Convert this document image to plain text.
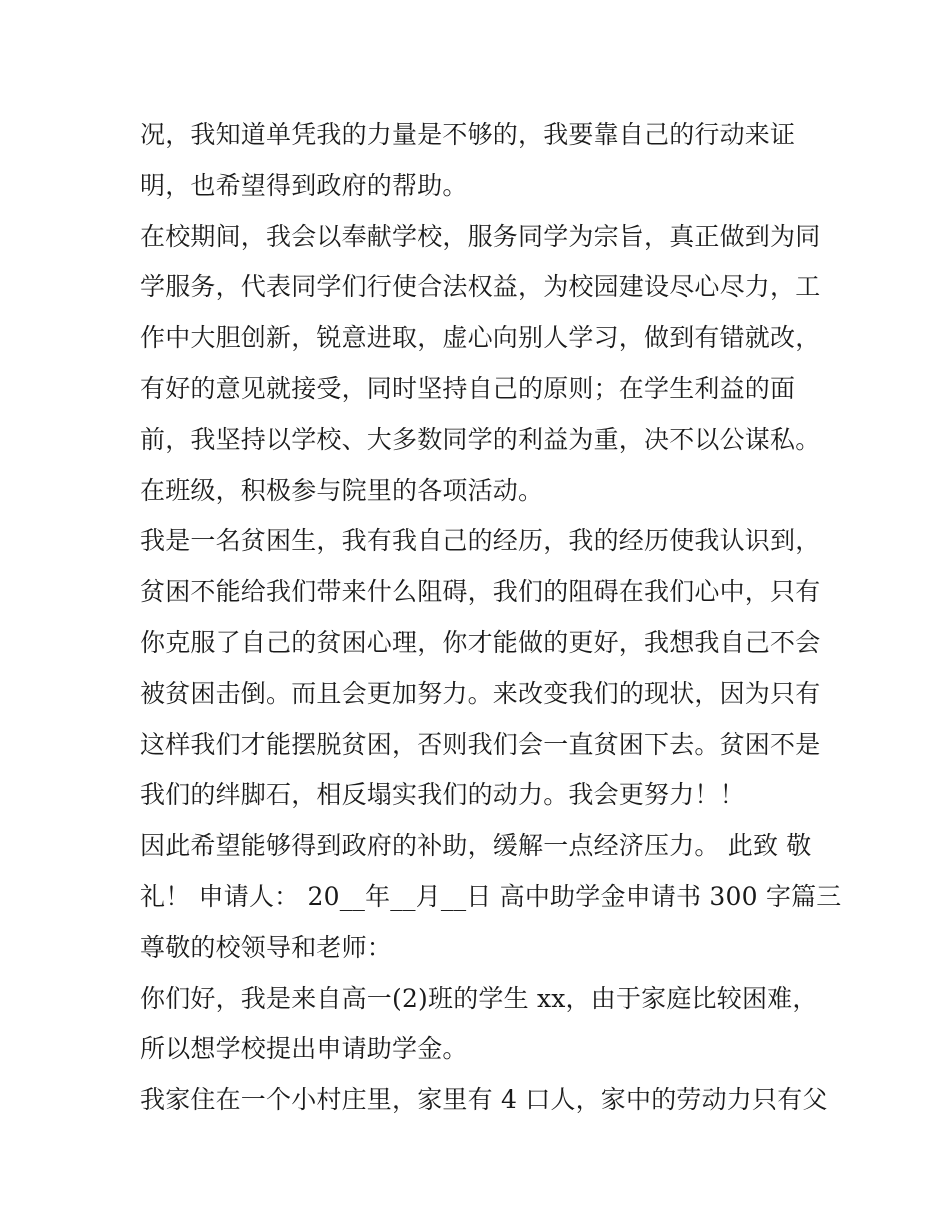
况，我知道单凭我的力量是不够的，我要靠自己的行动来证
明，也希望得到政府的帮助。
在校期间，我会以奉献学校，服务同学为宗旨，真正做到为同
学服务，代表同学们行使合法权益，为校园建设尽心尽力，工
作中大胆创新，锐意进取，虚心向别人学习，做到有错就改，
有好的意见就接受，同时坚持自己的原则；在学生利益的面
前，我坚持以学校、大多数同学的利益为重，决不以公谋私。
在班级，积极参与院里的各项活动。
我是一名贫困生，我有我自己的经历，我的经历使我认识到，
贫困不能给我们带来什么阻碍，我们的阻碍在我们心中，只有
你克服了自己的贫困心理，你才能做的更好，我想我自己不会
被贫困击倒。而且会更加努力。来改变我们的现状，因为只有
这样我们才能摆脱贫困，否则我们会一直贫困下去。贫困不是
我们的绊脚石，相反塌实我们的动力。我会更努力！！
因此希望能够得到政府的补助，缓解一点经济压力。 此致 敬
礼！ 申请人： 20__年__月__日 高中助学金申请书 300 字篇三
尊敬的校领导和老师：
你们好，我是来自高一(2)班的学生 xx，由于家庭比较困难，
所以想学校提出申请助学金。
我家住在一个小村庄里，家里有 4 口人，家中的劳动力只有父
